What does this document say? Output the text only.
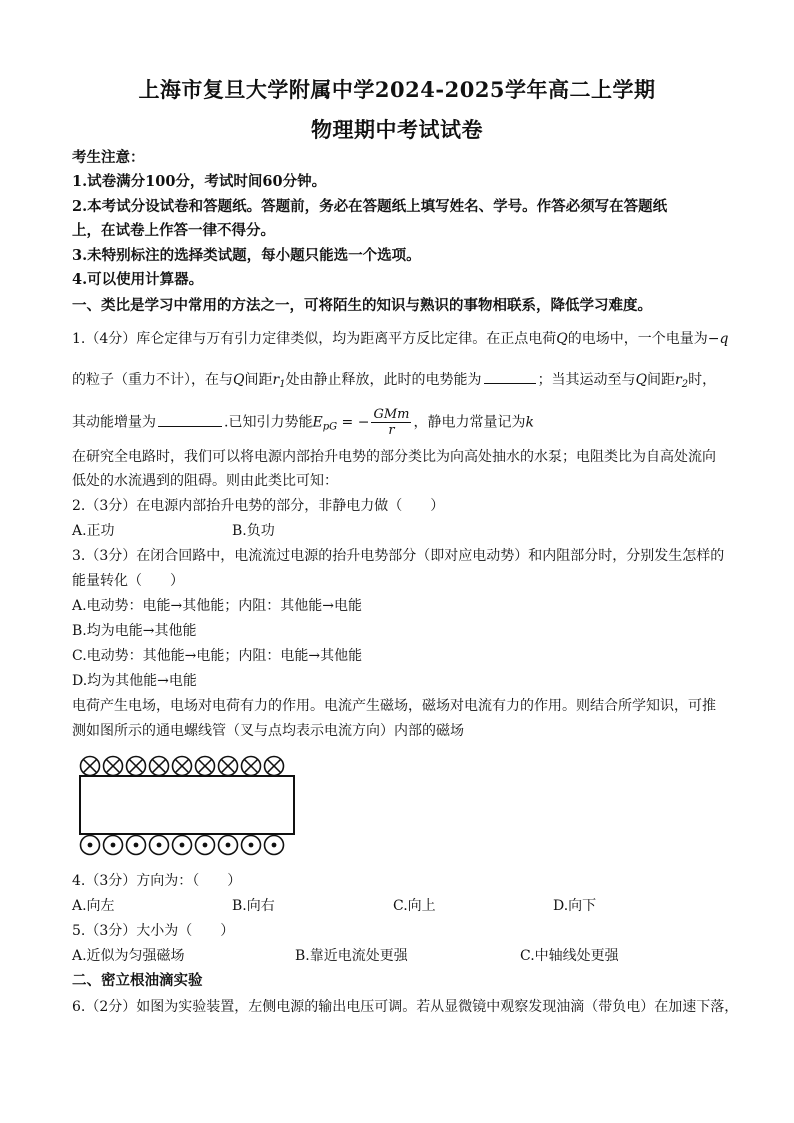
上海市复旦大学附属中学2024-2025学年高二上学期
物理期中考试试卷
考生注意：
1.试卷满分100分，考试时间60分钟。
2.本考试分设试卷和答题纸。答题前，务必在答题纸上填写姓名、学号。作答必须写在答题纸
上，在试卷上作答一律不得分。
3.未特别标注的选择类试题，每小题只能选一个选项。
4.可以使用计算器。
一、类比是学习中常用的方法之一，可将陌生的知识与熟识的事物相联系，降低学习难度。
1.（4分）库仑定律与万有引力定律类似，均为距离平方反比定律。在正点电荷Q的电场中，一个电量为−q
的粒子（重力不计），在与Q间距$r_1$处由静止释放，此时的电势能为	；当其运动至与Q间距$r_2$时，
其动能增量为	.已知引力势能$E_{pG}$ = − $\frac{\text{GMm}}{r}$ ，静电力常量记为k
在研究全电路时，我们可以将电源内部抬升电势的部分类比为向高处抽水的水泵；电阻类比为自高处流向
低处的水流遇到的阻碍。则由此类比可知：
2.（3分）在电源内部抬升电势的部分，非静电力做（　　）
A.正功	B.负功
3.（3分）在闭合回路中，电流流过电源的抬升电势部分（即对应电动势）和内阻部分时，分别发生怎样的
能量转化（　　）
A.电动势：电能→其他能；内阻：其他能→电能
B.均为电能→其他能
C.电动势：其他能→电能；内阻：电能→其他能
D.均为其他能→电能
电荷产生电场，电场对电荷有力的作用。电流产生磁场，磁场对电流有力的作用。则结合所学知识，可推
测如图所示的通电螺线管（叉与点均表示电流方向）内部的磁场
4.（3分）方向为：（　　）
A.向左	B.向右	C.向上	D.向下
5.（3分）大小为（　　）
A.近似为匀强磁场	B.靠近电流处更强	C.中轴线处更强
二、密立根油滴实验
6.（2分）如图为实验装置，左侧电源的输出电压可调。若从显微镜中观察发现油滴（带负电）在加速下落，
